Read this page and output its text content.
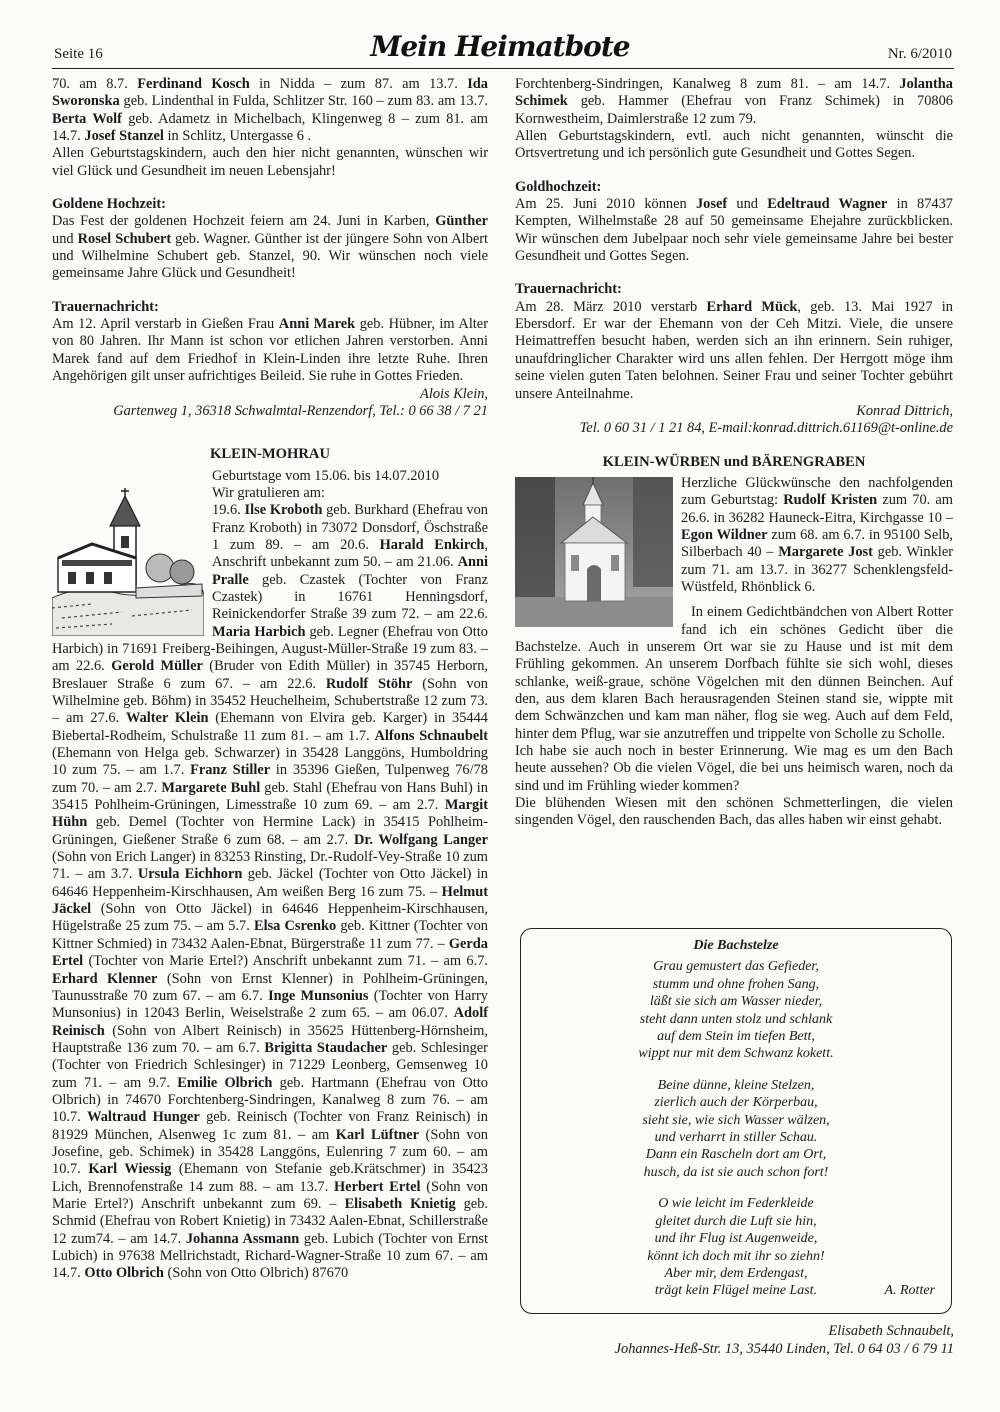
Seite 16	Mein Heimatbote	Nr. 6/2010

70. am 8.7. Ferdinand Kosch in Nidda – zum 87. am 13.7. Ida Sworonska geb. Lindenthal in Fulda, Schlitzer Str. 160 – zum 83. am 13.7. Berta Wolf geb. Adametz in Michelbach, Klingenweg 8 – zum 81. am 14.7. Josef Stanzel in Schlitz, Untergasse 6 .

Allen Geburtstagskindern, auch den hier nicht genannten, wünschen wir viel Glück und Gesundheit im neuen Lebensjahr!

Goldene Hochzeit:

Das Fest der goldenen Hochzeit feiern am 24. Juni in Karben, Günther und Rosel Schubert geb. Wagner. Günther ist der jüngere Sohn von Albert und Wilhelmine Schubert geb. Stanzel, 90. Wir wünschen noch viele gemeinsame Jahre Glück und Gesundheit!

Trauernachricht:

Am 12. April verstarb in Gießen Frau Anni Marek geb. Hübner, im Alter von 80 Jahren. Ihr Mann ist schon vor etlichen Jahren verstorben. Anni Marek fand auf dem Friedhof in Klein-Linden ihre letzte Ruhe. Ihren Angehörigen gilt unser aufrichtiges Beileid. Sie ruhe in Gottes Frieden.

Alois Klein,

Gartenweg 1, 36318 Schwalmtal-Renzendorf, Tel.: 0 66 38 / 7 21

KLEIN-MOHRAU

Geburtstage vom 15.06. bis 14.07.2010

Wir gratulieren am:

19.6. Ilse Kroboth geb. Burkhard (Ehefrau von Franz Kroboth) in 73072 Donsdorf, Öschstraße 1 zum 89. – am 20.6. Harald Enkirch, Anschrift unbekannt zum 50. – am 21.06. Anni Pralle geb. Czastek (Tochter von Franz Czastek) in 16761 Henningsdorf, Reinickendorfer Straße 39 zum 72. – am 22.6. Maria Harbich geb. Legner (Ehefrau von Otto Harbich) in 71691 Freiberg-Beihingen, August-Müller-Straße 19 zum 83. – am 22.6. Gerold Müller (Bruder von Edith Müller) in 35745 Herborn, Breslauer Straße 6 zum 67. – am 22.6. Rudolf Stöhr (Sohn von Wilhelmine geb. Böhm) in 35452 Heuchelheim, Schubertstraße 12 zum 73. – am 27.6. Walter Klein (Ehemann von Elvira geb. Karger) in 35444 Biebertal-Rodheim, Schulstraße 11 zum 81. – am 1.7. Alfons Schnaubelt (Ehemann von Helga geb. Schwarzer) in 35428 Langgöns, Humboldring 10 zum 75. – am 1.7. Franz Stiller in 35396 Gießen, Tulpenweg 76/78 zum 70. – am 2.7. Margarete Buhl geb. Stahl (Ehefrau von Hans Buhl) in 35415 Pohlheim-Grüningen, Limesstraße 10 zum 69. – am 2.7. Margit Hühn geb. Demel (Tochter von Hermine Lack) in 35415 Pohlheim-Grüningen, Gießener Straße 6 zum 68. – am 2.7. Dr. Wolfgang Langer (Sohn von Erich Langer) in 83253 Rinsting, Dr.-Rudolf-Vey-Straße 10 zum 71. – am 3.7. Ursula Eichhorn geb. Jäckel (Tochter von Otto Jäckel) in 64646 Heppenheim-Kirschhausen, Am weißen Berg 16 zum 75. – Helmut Jäckel (Sohn von Otto Jäckel) in 64646 Heppenheim-Kirschhausen, Hügelstraße 25 zum 75. – am 5.7. Elsa Csrenko geb. Kittner (Tochter von Kittner Schmied) in 73432 Aalen-Ebnat, Bürgerstraße 11 zum 77. – Gerda Ertel (Tochter von Marie Ertel?) Anschrift unbekannt zum 71. – am 6.7. Erhard Klenner (Sohn von Ernst Klenner) in Pohlheim-Grüningen, Taunusstraße 70 zum 67. – am 6.7. Inge Munsonius (Tochter von Harry Munsonius) in 12043 Berlin, Weiselstraße 2 zum 65. – am 06.07. Adolf Reinisch (Sohn von Albert Reinisch) in 35625 Hüttenberg-Hörnsheim, Hauptstraße 136 zum 70. – am 6.7. Brigitta Staudacher geb. Schlesinger (Tochter von Friedrich Schlesinger) in 71229 Leonberg, Gemsenweg 10 zum 71. – am 9.7. Emilie Olbrich geb. Hartmann (Ehefrau von Otto Olbrich) in 74670 Forchtenberg-Sindringen, Kanalweg 8 zum 76. – am 10.7. Waltraud Hunger geb. Reinisch (Tochter von Franz Reinisch) in 81929 München, Alsenweg 1c zum 81. – am Karl Lüftner (Sohn von Josefine, geb. Schimek) in 35428 Langgöns, Eulenring 7 zum 60. – am 10.7. Karl Wiessig (Ehemann von Stefanie geb.Krätschmer) in 35423 Lich, Brennofenstraße 14 zum 88. – am 13.7. Herbert Ertel (Sohn von Marie Ertel?) Anschrift unbekannt zum 69. – Elisabeth Knietig geb. Schmid (Ehefrau von Robert Knietig) in 73432 Aalen-Ebnat, Schillerstraße 12 zum74. – am 14.7. Johanna Assmann geb. Lubich (Tochter von Ernst Lubich) in 97638 Mellrichstadt, Richard-Wagner-Straße 10 zum 67. – am 14.7. Otto Olbrich (Sohn von Otto Olbrich) 87670

Forchtenberg-Sindringen, Kanalweg 8 zum 81. – am 14.7. Jolantha Schimek geb. Hammer (Ehefrau von Franz Schimek) in 70806 Kornwestheim, Daimlerstraße 12 zum 79.

Allen Geburtstagskindern, evtl. auch nicht genannten, wünscht die Ortsvertretung und ich persönlich gute Gesundheit und Gottes Segen.

Goldhochzeit:

Am 25. Juni 2010 können Josef und Edeltraud Wagner in 87437 Kempten, Wilhelmstaße 28 auf 50 gemeinsame Ehejahre zurückblicken. Wir wünschen dem Jubelpaar noch sehr viele gemeinsame Jahre bei bester Gesundheit und Gottes Segen.

Trauernachricht:

Am 28. März 2010 verstarb Erhard Mück, geb. 13. Mai 1927 in Ebersdorf. Er war der Ehemann von der Ceh Mitzi. Viele, die unsere Heimattreffen besucht haben, werden sich an ihn erinnern. Sein ruhiger, unaufdringlicher Charakter wird uns allen fehlen. Der Herrgott möge ihm seine vielen guten Taten belohnen. Seiner Frau und seiner Tochter gebührt unsere Anteilnahme.

Konrad Dittrich,

Tel. 0 60 31 / 1 21 84, E-mail:konrad.dittrich.61169@t-online.de

KLEIN-WÜRBEN und BÄRENGRABEN

Herzliche Glückwünsche den nachfolgenden zum Geburtstag: Rudolf Kristen zum 70. am 26.6. in 36282 Hauneck-Eitra, Kirchgasse 10 – Egon Wildner zum 68. am 6.7. in 95100 Selb, Silberbach 40 – Margarete Jost geb. Winkler zum 71. am 13.7. in 36277 Schenklengsfeld-Wüstfeld, Rhönblick 6.

In einem Gedichtbändchen von Albert Rotter fand ich ein schönes Gedicht über die Bachstelze. Auch in unserem Ort war sie zu Hause und ist mit dem Frühling gekommen. An unserem Dorfbach fühlte sie sich wohl, dieses schlanke, weiß-graue, schöne Vögelchen mit den dünnen Beinchen. Auf den, aus dem klaren Bach herausragenden Steinen stand sie, wippte mit dem Schwänzchen und kam man näher, flog sie weg. Auch auf dem Feld, hinter dem Pflug, war sie anzutreffen und trippelte von Scholle zu Scholle.

Ich habe sie auch noch in bester Erinnerung. Wie mag es um den Bach heute aussehen? Ob die vielen Vögel, die bei uns heimisch waren, noch da sind und im Frühling wieder kommen?

Die blühenden Wiesen mit den schönen Schmetterlingen, die vielen singenden Vögel, den rauschenden Bach, das alles haben wir einst gehabt.

Die Bachstelze
Grau gemustert das Gefieder,
stumm und ohne frohen Sang,
läßt sie sich am Wasser nieder,
steht dann unten stolz und schlank
auf dem Stein im tiefen Bett,
wippt nur mit dem Schwanz kokett.
Beine dünne, kleine Stelzen,
zierlich auch der Körperbau,
sieht sie, wie sich Wasser wälzen,
und verharrt in stiller Schau.
Dann ein Rascheln dort am Ort,
husch, da ist sie auch schon fort!
O wie leicht im Federkleide
gleitet durch die Luft sie hin,
und ihr Flug ist Augenweide,
könnt ich doch mit ihr so ziehn!
Aber mir, dem Erdengast,
trägt kein Flügel meine Last.	A. Rotter
Elisabeth Schnaubelt,
Johannes-Heß-Str. 13, 35440 Linden, Tel. 0 64 03 / 6 79 11
